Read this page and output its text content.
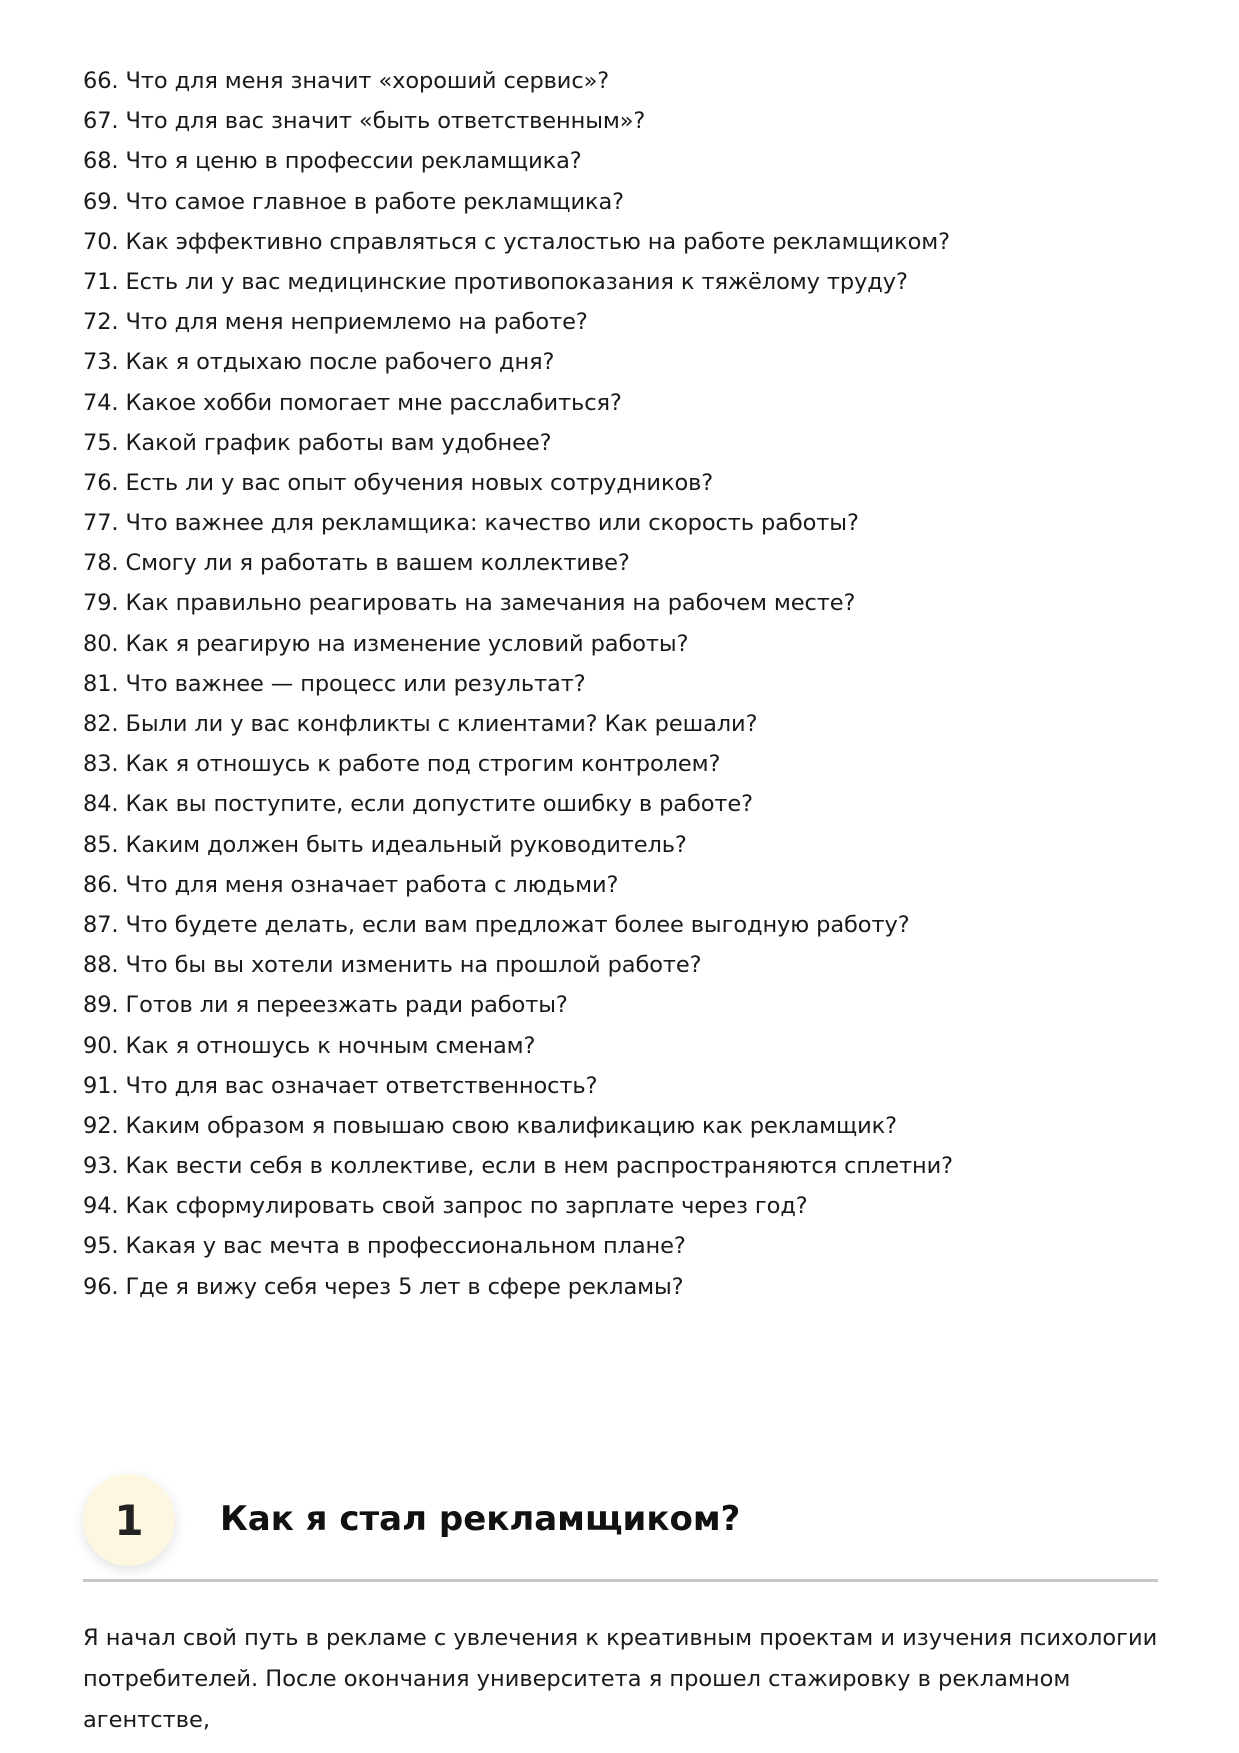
66. Что для меня значит «хороший сервис»?
67. Что для вас значит «быть ответственным»?
68. Что я ценю в профессии рекламщика?
69. Что самое главное в работе рекламщика?
70. Как эффективно справляться с усталостью на работе рекламщиком?
71. Есть ли у вас медицинские противопоказания к тяжёлому труду?
72. Что для меня неприемлемо на работе?
73. Как я отдыхаю после рабочего дня?
74. Какое хобби помогает мне расслабиться?
75. Какой график работы вам удобнее?
76. Есть ли у вас опыт обучения новых сотрудников?
77. Что важнее для рекламщика: качество или скорость работы?
78. Смогу ли я работать в вашем коллективе?
79. Как правильно реагировать на замечания на рабочем месте?
80. Как я реагирую на изменение условий работы?
81. Что важнее — процесс или результат?
82. Были ли у вас конфликты с клиентами? Как решали?
83. Как я отношусь к работе под строгим контролем?
84. Как вы поступите, если допустите ошибку в работе?
85. Каким должен быть идеальный руководитель?
86. Что для меня означает работа с людьми?
87. Что будете делать, если вам предложат более выгодную работу?
88. Что бы вы хотели изменить на прошлой работе?
89. Готов ли я переезжать ради работы?
90. Как я отношусь к ночным сменам?
91. Что для вас означает ответственность?
92. Каким образом я повышаю свою квалификацию как рекламщик?
93. Как вести себя в коллективе, если в нем распространяются сплетни?
94. Как сформулировать свой запрос по зарплате через год?
95. Какая у вас мечта в профессиональном плане?
96. Где я вижу себя через 5 лет в сфере рекламы?
1	Как я стал рекламщиком?

Я начал свой путь в рекламе с увлечения к креативным проектам и изучения психологии потребителей. После окончания университета я прошел стажировку в рекламном агентстве,
